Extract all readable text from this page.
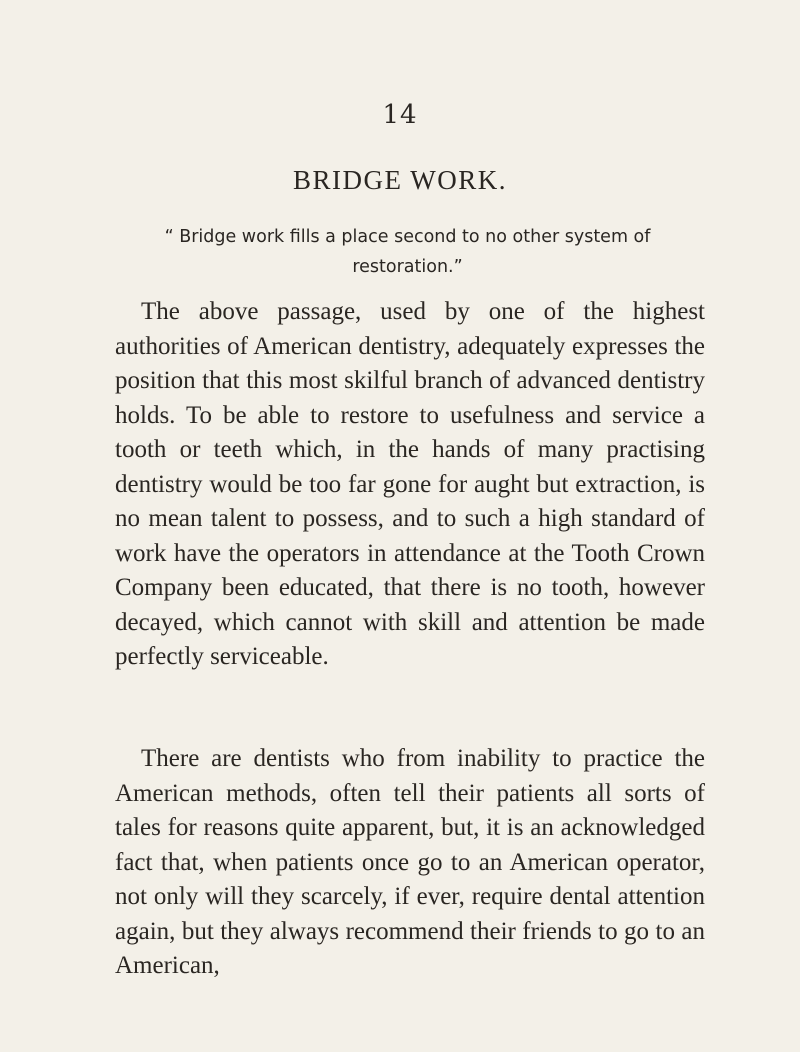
14
BRIDGE WORK.
“ Bridge work fills a place second to no other system of restoration.”

The above passage, used by one of the highest authorities of American dentistry, adequately expresses the position that this most skilful branch of advanced dentistry holds. To be able to restore to usefulness and service a tooth or teeth which, in the hands of many practising dentistry would be too far gone for aught but extraction, is no mean talent to possess, and to such a high standard of work have the operators in attendance at the Tooth Crown Company been educated, that there is no tooth, however decayed, which cannot with skill and attention be made perfectly serviceable.

There are dentists who from inability to practice the American methods, often tell their patients all sorts of tales for reasons quite apparent, but, it is an acknowledged fact that, when patients once go to an American operator, not only will they scarcely, if ever, require dental attention again, but they always recommend their friends to go to an American,
